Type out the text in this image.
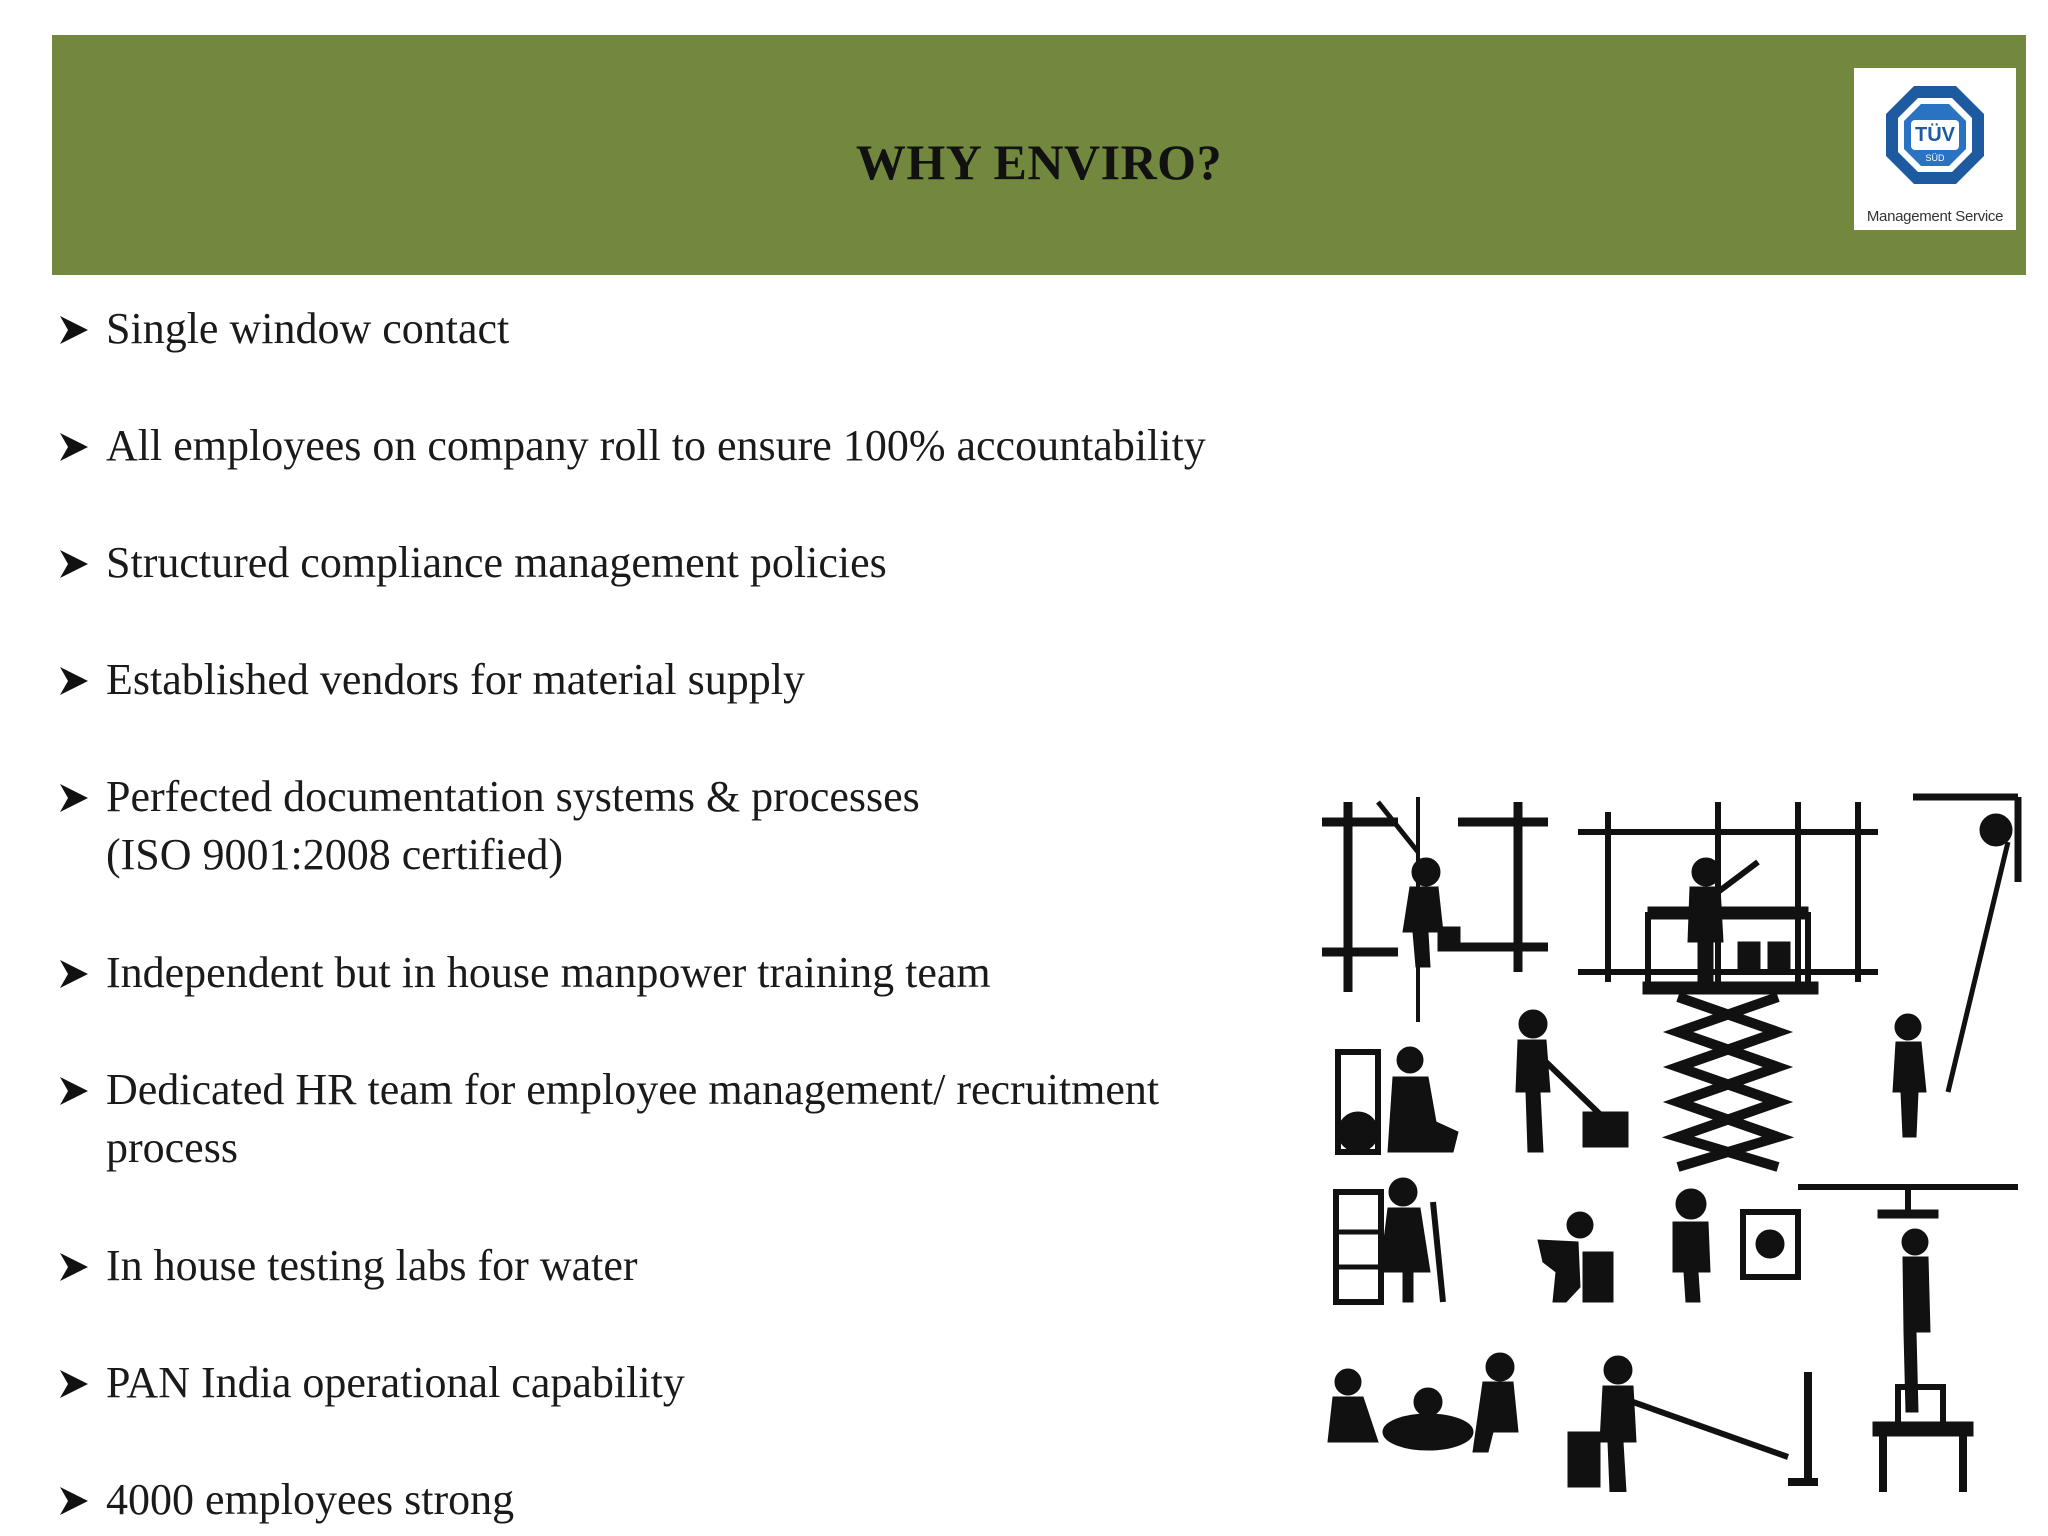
WHY ENVIRO?	TÜV
SÜD
Management Service
Single window contact
All employees on company roll to ensure 100% accountability
Structured compliance management policies
Established vendors for material supply
Perfected documentation systems & processes
(ISO 9001:2008 certified)
Independent but in house manpower training team
Dedicated HR team for employee management/ recruitment
process
In house testing labs for water
PAN India operational capability
4000 employees strong
